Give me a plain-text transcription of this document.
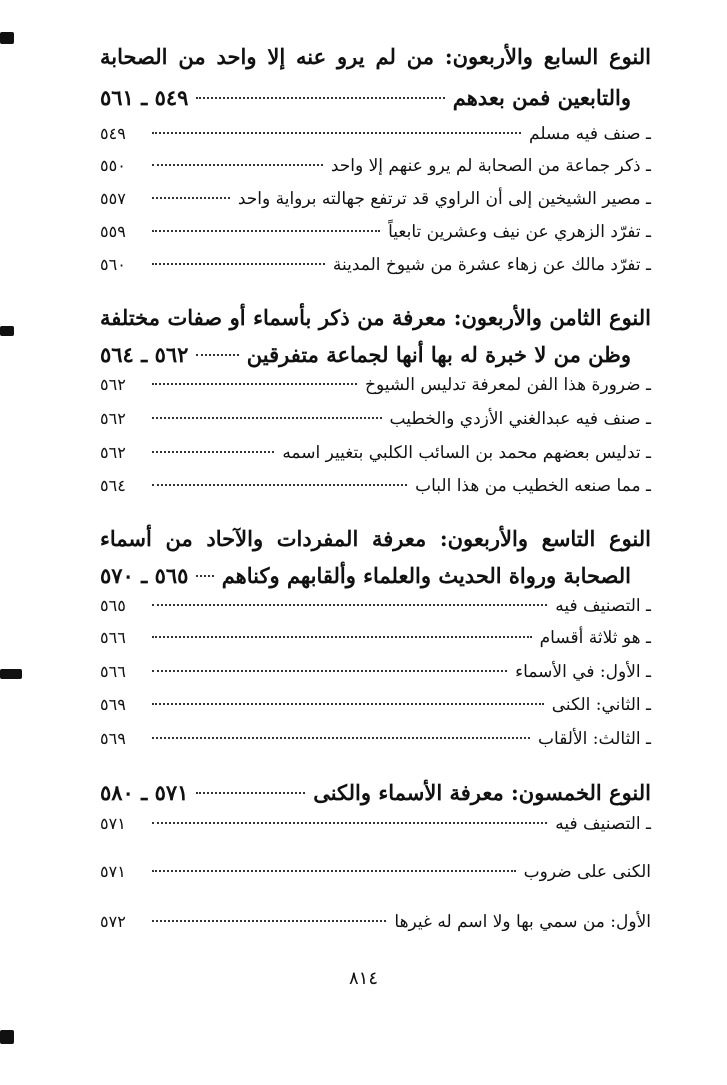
النوع السابع والأربعون: من لم يرو عنه إلا واحد من الصحابة
والتابعين فمن بعدهم
٥٤٩ ـ ٥٦١
ـ صنف فيه مسلم
٥٤٩
ـ ذكر جماعة من الصحابة لم يرو عنهم إلا واحد
٥٥٠
ـ مصير الشيخين إلى أن الراوي قد ترتفع جهالته برواية واحد
٥٥٧
ـ تفرّد الزهري عن نيف وعشرين تابعياً
٥٥٩
ـ تفرّد مالك عن زهاء عشرة من شيوخ المدينة
٥٦٠
النوع الثامن والأربعون: معرفة من ذكر بأسماء أو صفات مختلفة
وظن من لا خبرة له بها أنها لجماعة متفرقين
٥٦٢ ـ ٥٦٤
ـ ضرورة هذا الفن لمعرفة تدليس الشيوخ
٥٦٢
ـ صنف فيه عبدالغني الأزدي والخطيب
٥٦٢
ـ تدليس بعضهم محمد بن السائب الكلبي بتغيير اسمه
٥٦٢
ـ مما صنعه الخطيب من هذا الباب
٥٦٤
النوع التاسع والأربعون: معرفة المفردات والآحاد من أسماء
الصحابة ورواة الحديث والعلماء وألقابهم وكناهم
٥٦٥ ـ ٥٧٠
ـ التصنيف فيه
٥٦٥
ـ هو ثلاثة أقسام
٥٦٦
ـ الأول: في الأسماء
٥٦٦
ـ الثاني: الكنى
٥٦٩
ـ الثالث: الألقاب
٥٦٩
النوع الخمسون: معرفة الأسماء والكنى
٥٧١ ـ ٥٨٠
ـ التصنيف فيه
٥٧١
الكنى على ضروب
٥٧١
الأول: من سمي بها ولا اسم له غيرها
٥٧٢
٨١٤
